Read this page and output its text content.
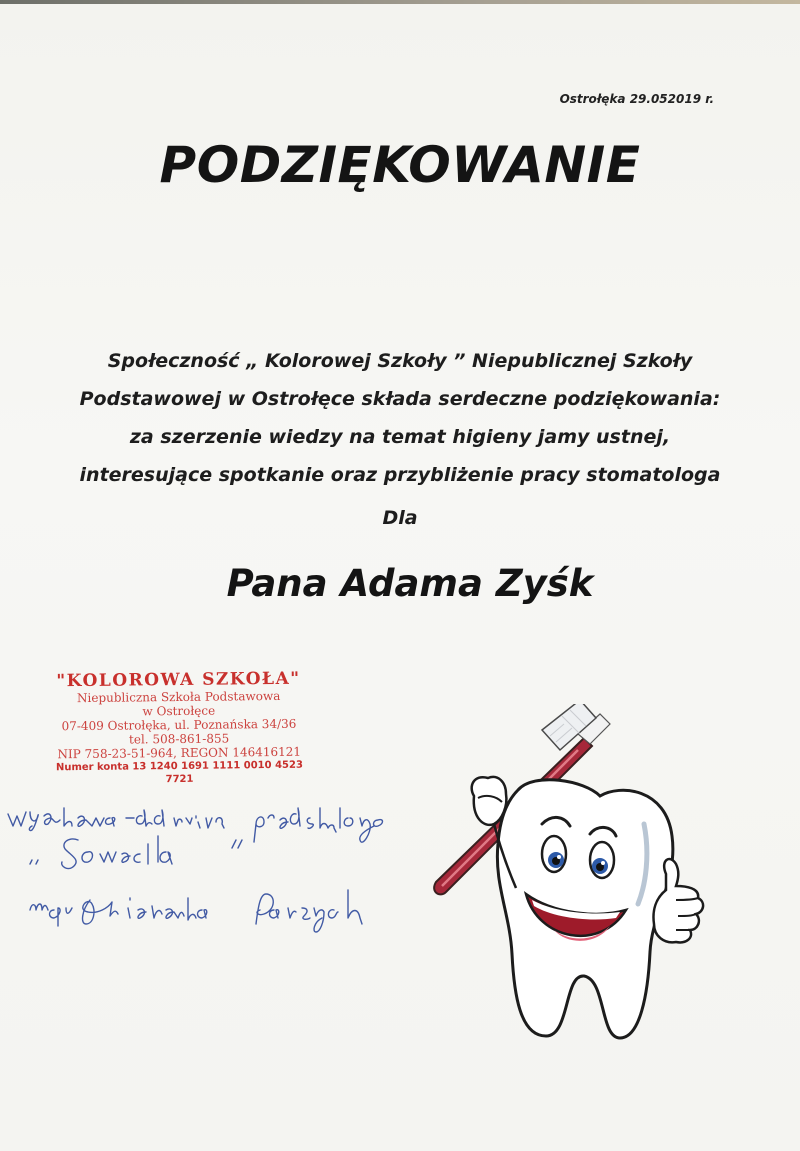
Ostrołęka 29.052019 r.
PODZIĘKOWANIE
Społeczność „ Kolorowej Szkoły ” Niepublicznej Szkoły
Podstawowej w Ostrołęce składa serdeczne podziękowania:
za szerzenie wiedzy na temat higieny jamy ustnej,
interesujące spotkanie oraz przybliżenie pracy stomatologa
Dla
Pana Adama Zyśk
"KOLOROWA SZKOŁA"
Niepubliczna Szkoła Podstawowa
w Ostrołęce
07-409 Ostrołęka, ul. Poznańska 34/36
tel. 508-861-855
NIP 758-23-51-964, REGON 146416121
Numer konta 13 1240 1691 1111 0010 4523 7721
